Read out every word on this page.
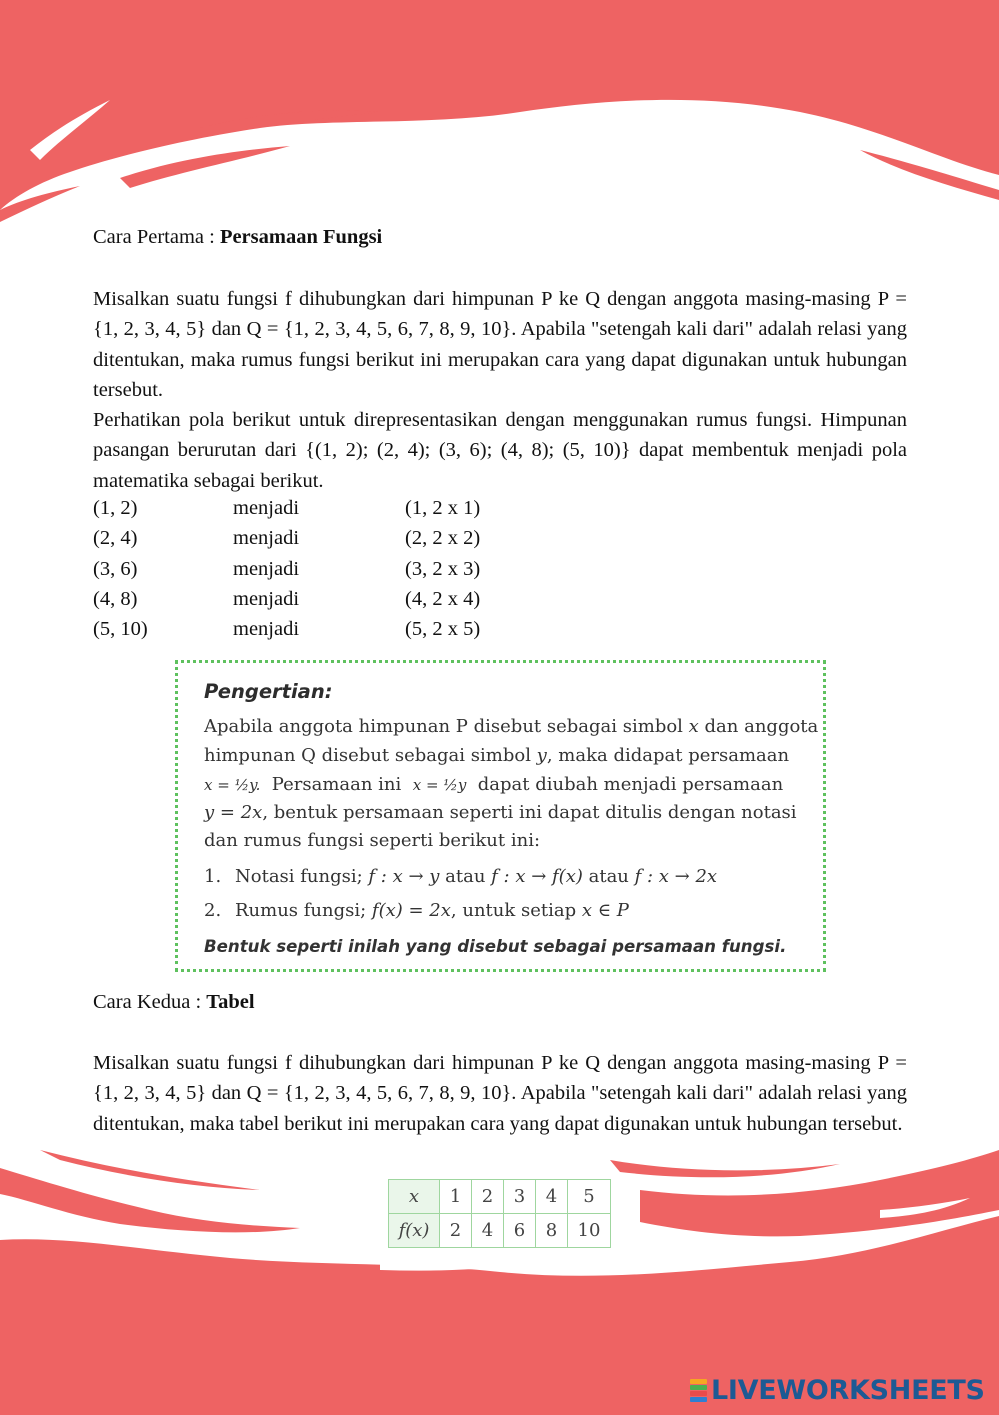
Cara Pertama : Persamaan Fungsi
Misalkan suatu fungsi f dihubungkan dari himpunan P ke Q dengan anggota masing-masing P = {1, 2, 3, 4, 5} dan Q = {1, 2, 3, 4, 5, 6, 7, 8, 9, 10}. Apabila "setengah kali dari" adalah relasi yang ditentukan, maka rumus fungsi berikut ini merupakan cara yang dapat digunakan untuk hubungan tersebut.
Perhatikan pola berikut untuk direpresentasikan dengan menggunakan rumus fungsi. Himpunan pasangan berurutan dari {(1, 2); (2, 4); (3, 6); (4, 8); (5, 10)} dapat membentuk menjadi pola matematika sebagai berikut.
(1, 2)	menjadi	(1, 2 x 1)
(2, 4)	menjadi	(2, 2 x 2)
(3, 6)	menjadi	(3, 2 x 3)
(4, 8)	menjadi	(4, 2 x 4)
(5, 10)	menjadi	(5, 2 x 5)
Cara Kedua : Tabel
Misalkan suatu fungsi f dihubungkan dari himpunan P ke Q dengan anggota masing-masing P = {1, 2, 3, 4, 5} dan Q = {1, 2, 3, 4, 5, 6, 7, 8, 9, 10}. Apabila "setengah kali dari" adalah relasi yang ditentukan, maka tabel berikut ini merupakan cara yang dapat digunakan untuk hubungan tersebut.
Pengertian:
Apabila anggota himpunan P disebut sebagai simbol x dan anggota
himpunan Q disebut sebagai simbol y, maka didapat persamaan
x = ½y.  Persamaan ini  x = ½y  dapat diubah menjadi persamaan
y = 2x, bentuk persamaan seperti ini dapat ditulis dengan notasi
dan rumus fungsi seperti berikut ini:
1. Notasi fungsi; f : x → y atau f : x → f(x) atau f : x → 2x
2. Rumus fungsi; f(x) = 2x, untuk setiap x ∈ P
Bentuk seperti inilah yang disebut sebagai persamaan fungsi.
x	1	2	3	4	5
f(x)	2	4	6	8	10
LIVEWORKSHEETS
